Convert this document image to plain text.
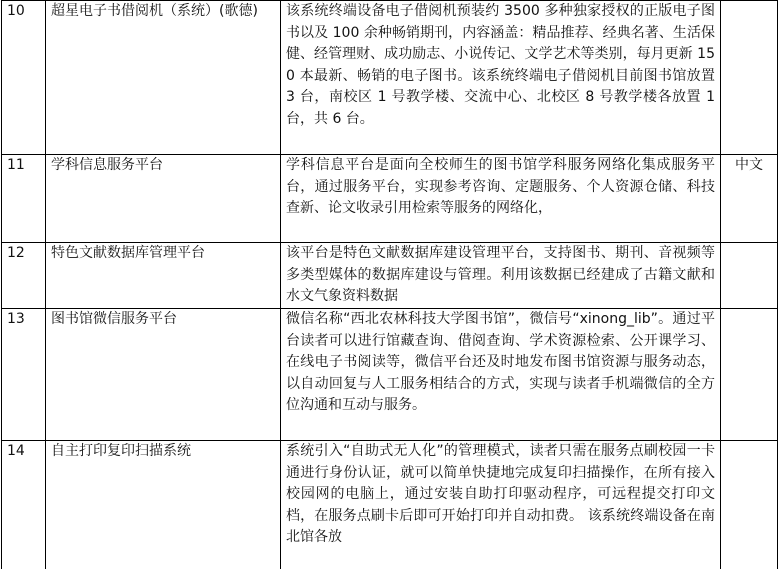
10	超星电子书借阅机（系统）(歌德)	该系统终端设备电子借阅机预装约 3500 多种独家授权的正版电子图书以及 100 余种畅销期刊，内容涵盖：精品推荐、经典名著、生活保健、经管理财、成功励志、小说传记、文学艺术等类别，每月更新 150 本最新、畅销的电子图书。该系统终端电子借阅机目前图书馆放置 3 台，南校区 1 号教学楼、交流中心、北校区 8 号教学楼各放置 1 台，共 6 台。	
11	学科信息服务平台	学科信息平台是面向全校师生的图书馆学科服务网络化集成服务平台，通过服务平台，实现参考咨询、定题服务、个人资源仓储、科技查新、论文收录引用检索等服务的网络化，	中文
12	特色文献数据库管理平台	该平台是特色文献数据库建设管理平台，支持图书、期刊、音视频等多类型媒体的数据库建设与管理。利用该数据已经建成了古籍文献和水文气象资料数据	
13	图书馆微信服务平台	微信名称“西北农林科技大学图书馆”，微信号“xinong_lib”。通过平台读者可以进行馆藏查询、借阅查询、学术资源检索、公开课学习、在线电子书阅读等，微信平台还及时地发布图书馆资源与服务动态，以自动回复与人工服务相结合的方式，实现与读者手机端微信的全方位沟通和互动与服务。	
14	自主打印复印扫描系统	系统引入“自助式无人化”的管理模式，读者只需在服务点刷校园一卡通进行身份认证，就可以简单快捷地完成复印扫描操作，在所有接入校园网的电脑上，通过安装自助打印驱动程序，可远程提交打印文档，在服务点刷卡后即可开始打印并自动扣费。 该系统终端设备在南北馆各放	
